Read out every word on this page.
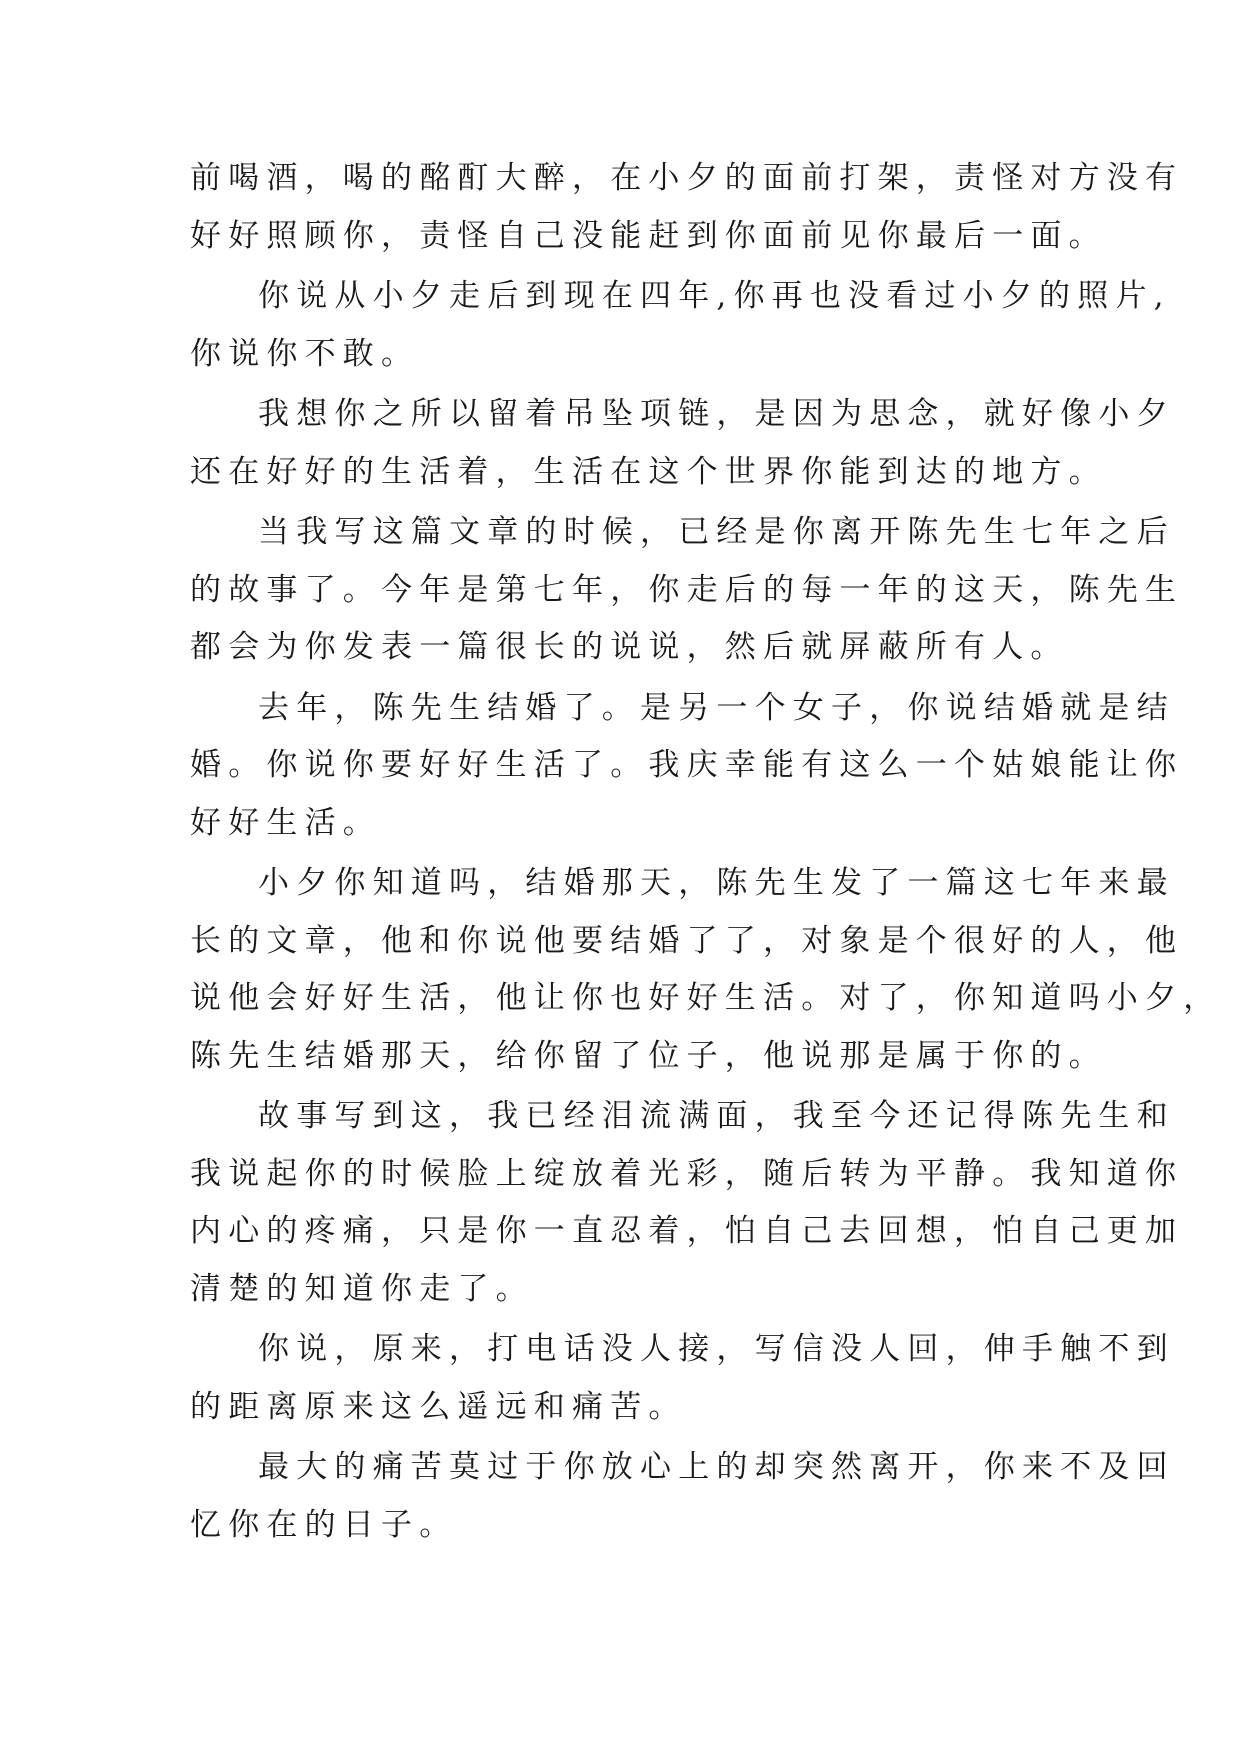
前喝酒，喝的酩酊大醉，在小夕的面前打架，责怪对方没有
好好照顾你，责怪自己没能赶到你面前见你最后一面。
你说从小夕走后到现在四年,你再也没看过小夕的照片,
你说你不敢。
我想你之所以留着吊坠项链，是因为思念，就好像小夕
还在好好的生活着，生活在这个世界你能到达的地方。
当我写这篇文章的时候，已经是你离开陈先生七年之后
的故事了。今年是第七年，你走后的每一年的这天，陈先生
都会为你发表一篇很长的说说，然后就屏蔽所有人。
去年，陈先生结婚了。是另一个女子，你说结婚就是结
婚。你说你要好好生活了。我庆幸能有这么一个姑娘能让你
好好生活。
小夕你知道吗，结婚那天，陈先生发了一篇这七年来最
长的文章，他和你说他要结婚了了，对象是个很好的人，他
说他会好好生活，他让你也好好生活。对了，你知道吗小夕，
陈先生结婚那天，给你留了位子，他说那是属于你的。
故事写到这，我已经泪流满面，我至今还记得陈先生和
我说起你的时候脸上绽放着光彩，随后转为平静。我知道你
内心的疼痛，只是你一直忍着，怕自己去回想，怕自己更加
清楚的知道你走了。
你说，原来，打电话没人接，写信没人回，伸手触不到
的距离原来这么遥远和痛苦。
最大的痛苦莫过于你放心上的却突然离开，你来不及回
忆你在的日子。
